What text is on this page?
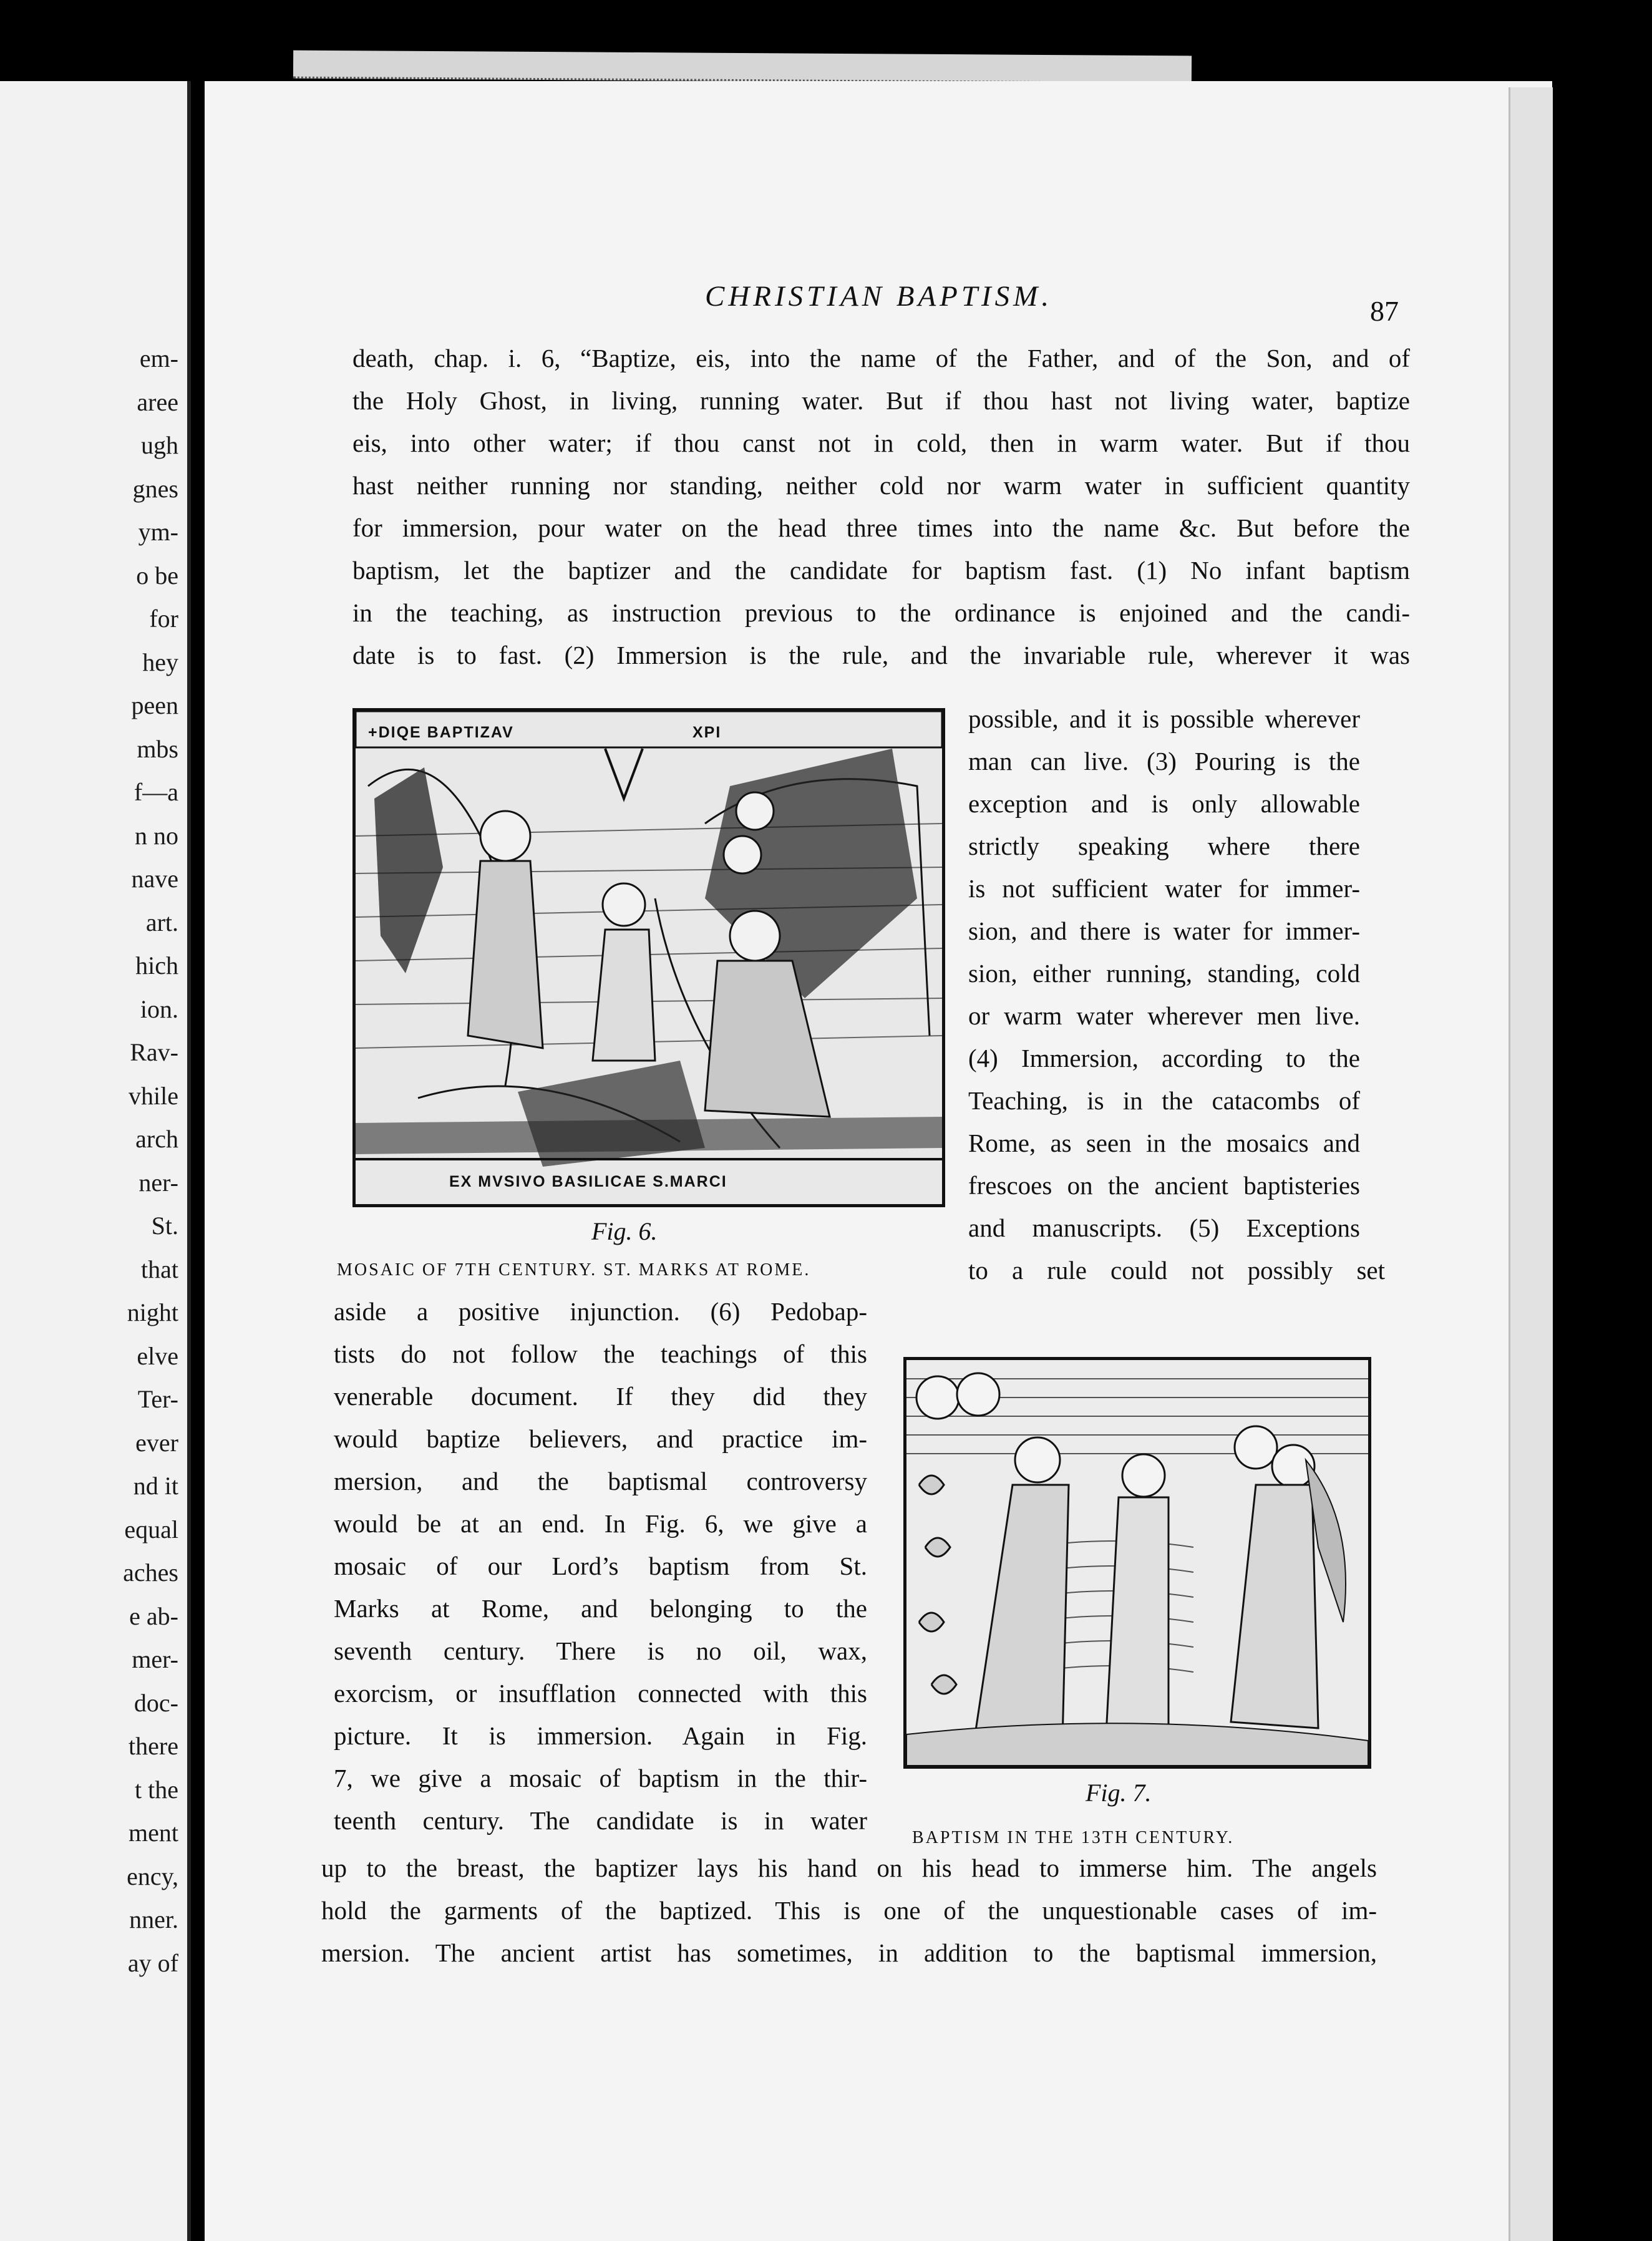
em-
aree
ugh
gnes
ym-
o be
for
hey
peen
mbs
f—a
n no
nave
art.
hich
ion.
Rav-
vhile
arch
ner-
St.
that
night
elve
Ter-
ever
nd it
equal
aches
e ab-
mer-
doc-
there
t the
ment
ency,
nner.
ay of
CHRISTIAN BAPTISM.	87
death, chap. i. 6, “Baptize, eis, into the name of the Father, and of the Son, and of
the Holy Ghost, in living, running water. But if thou hast not living water, baptize
eis, into other water; if thou canst not in cold, then in warm water. But if thou
hast neither running nor standing, neither cold nor warm water in sufficient quantity
for immersion, pour water on the head three times into the name &c. But before the
baptism, let the baptizer and the candidate for baptism fast. (1) No infant baptism
in the teaching, as instruction previous to the ordinance is enjoined and the candi-
date is to fast. (2) Immersion is the rule, and the invariable rule, wherever it was
+DIQE BAPTIZAV	XPI
EX MVSIVO BASILICAE S.MARCI
Fig. 6.
MOSAIC OF 7TH CENTURY. ST. MARKS AT ROME.
possible, and it is possible wherever
man can live. (3) Pouring is the
exception and is only allowable
strictly speaking where there
is not sufficient water for immer-
sion, and there is water for immer-
sion, either running, standing, cold
or warm water wherever men live.
(4) Immersion, according to the
Teaching, is in the catacombs of
Rome, as seen in the mosaics and
frescoes on the ancient baptisteries
and manuscripts. (5) Exceptions
to a rule could not possibly set
aside a positive injunction. (6) Pedobap-
tists do not follow the teachings of this
venerable document. If they did they
would baptize believers, and practice im-
mersion, and the baptismal controversy
would be at an end. In Fig. 6, we give a
mosaic of our Lord’s baptism from St.
Marks at Rome, and belonging to the
seventh century. There is no oil, wax,
exorcism, or insufflation connected with this
picture. It is immersion. Again in Fig.
7, we give a mosaic of baptism in the thir-
teenth century. The candidate is in water
Fig. 7.
BAPTISM IN THE 13TH CENTURY.
up to the breast, the baptizer lays his hand on his head to immerse him. The angels
hold the garments of the baptized. This is one of the unquestionable cases of im-
mersion. The ancient artist has sometimes, in addition to the baptismal immersion,
